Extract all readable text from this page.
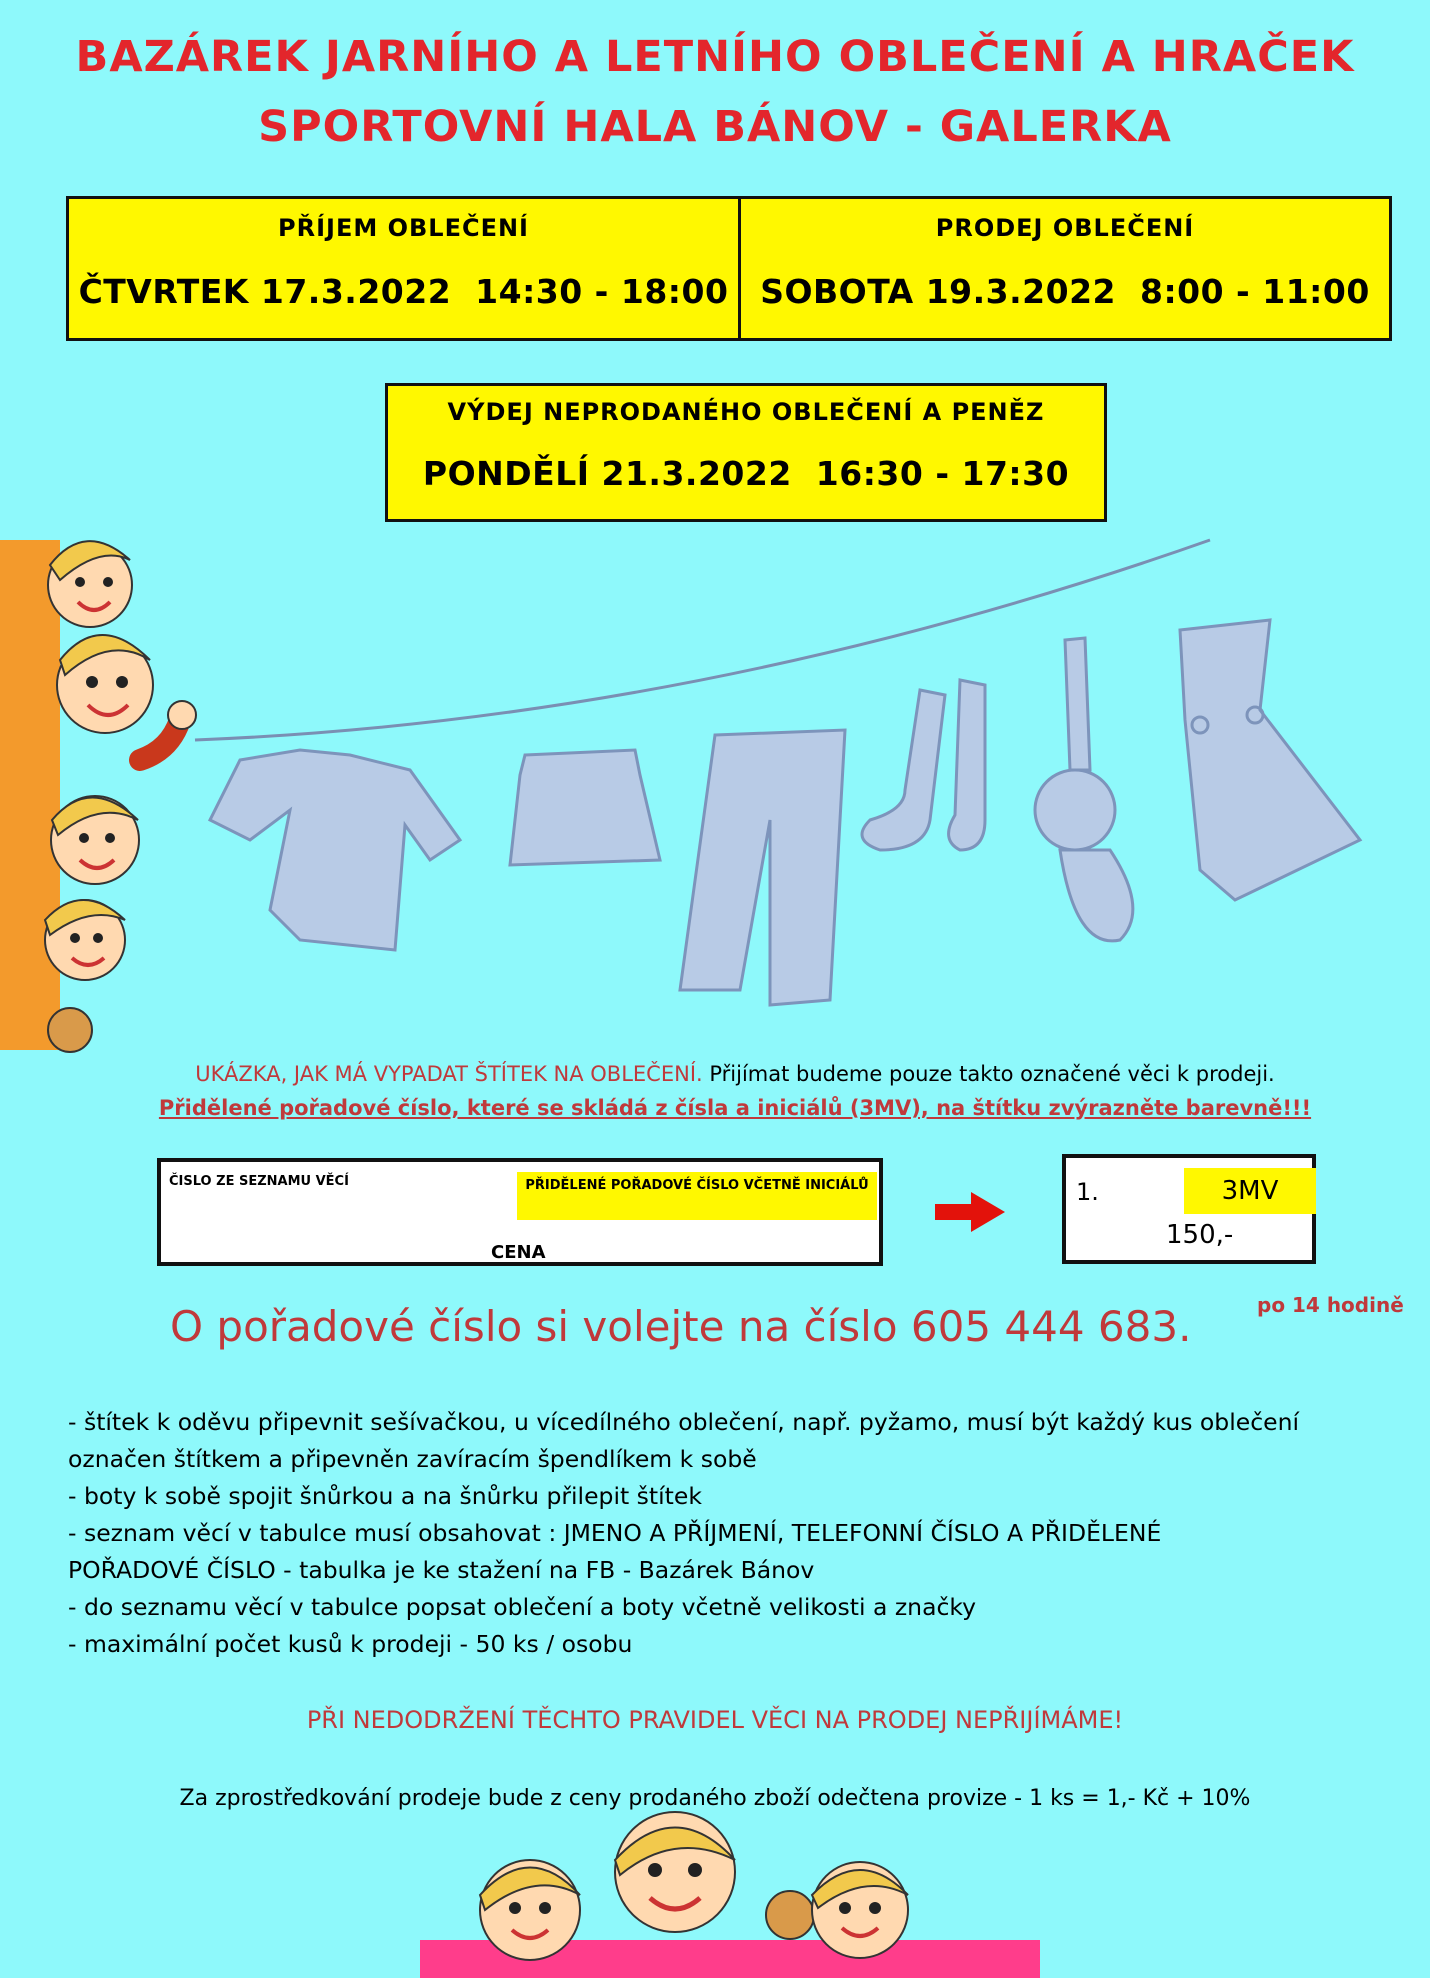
BAZÁREK JARNÍHO A LETNÍHO OBLEČENÍ A HRAČEK
SPORTOVNÍ HALA BÁNOV - GALERKA
PŘÍJEM OBLEČENÍ
ČTVRTEK 17.3.2022  14:30 - 18:00
PRODEJ OBLEČENÍ
SOBOTA 19.3.2022  8:00 - 11:00
VÝDEJ NEPRODANÉHO OBLEČENÍ A PENĚZ
PONDĚLÍ 21.3.2022  16:30 - 17:30
UKÁZKA, JAK MÁ VYPADAT ŠTÍTEK NA OBLEČENÍ. Přijímat budeme pouze takto označené věci k prodeji.
Přidělené pořadové číslo, které se skládá z čísla a iniciálů (3MV), na štítku zvýrazněte barevně!!!
ČISLO ZE SEZNAMU VĚCÍ	PŘIDĚLENÉ POŘADOVÉ ČÍSLO VČETNĚ INICIÁLŮ
CENA
1.	3MV
150,-
O pořadové číslo si volejte na číslo 605 444 683.	po 14 hodině
- štítek k oděvu připevnit sešívačkou, u vícedílného oblečení, např. pyžamo, musí být každý kus oblečení
označen štítkem a připevněn zavíracím špendlíkem k sobě
- boty k sobě spojit šnůrkou a na šnůrku přilepit štítek
- seznam věcí v tabulce musí obsahovat : JMENO A PŘÍJMENÍ, TELEFONNÍ ČÍSLO A PŘIDĚLENÉ
POŘADOVÉ ČÍSLO - tabulka je ke stažení na FB - Bazárek Bánov
- do seznamu věcí v tabulce popsat oblečení a boty včetně velikosti a značky
- maximální počet kusů k prodeji - 50 ks / osobu
PŘI NEDODRŽENÍ TĚCHTO PRAVIDEL VĚCI NA PRODEJ NEPŘIJÍMÁME!
Za zprostředkování prodeje bude z ceny prodaného zboží odečtena provize - 1 ks = 1,- Kč + 10%
